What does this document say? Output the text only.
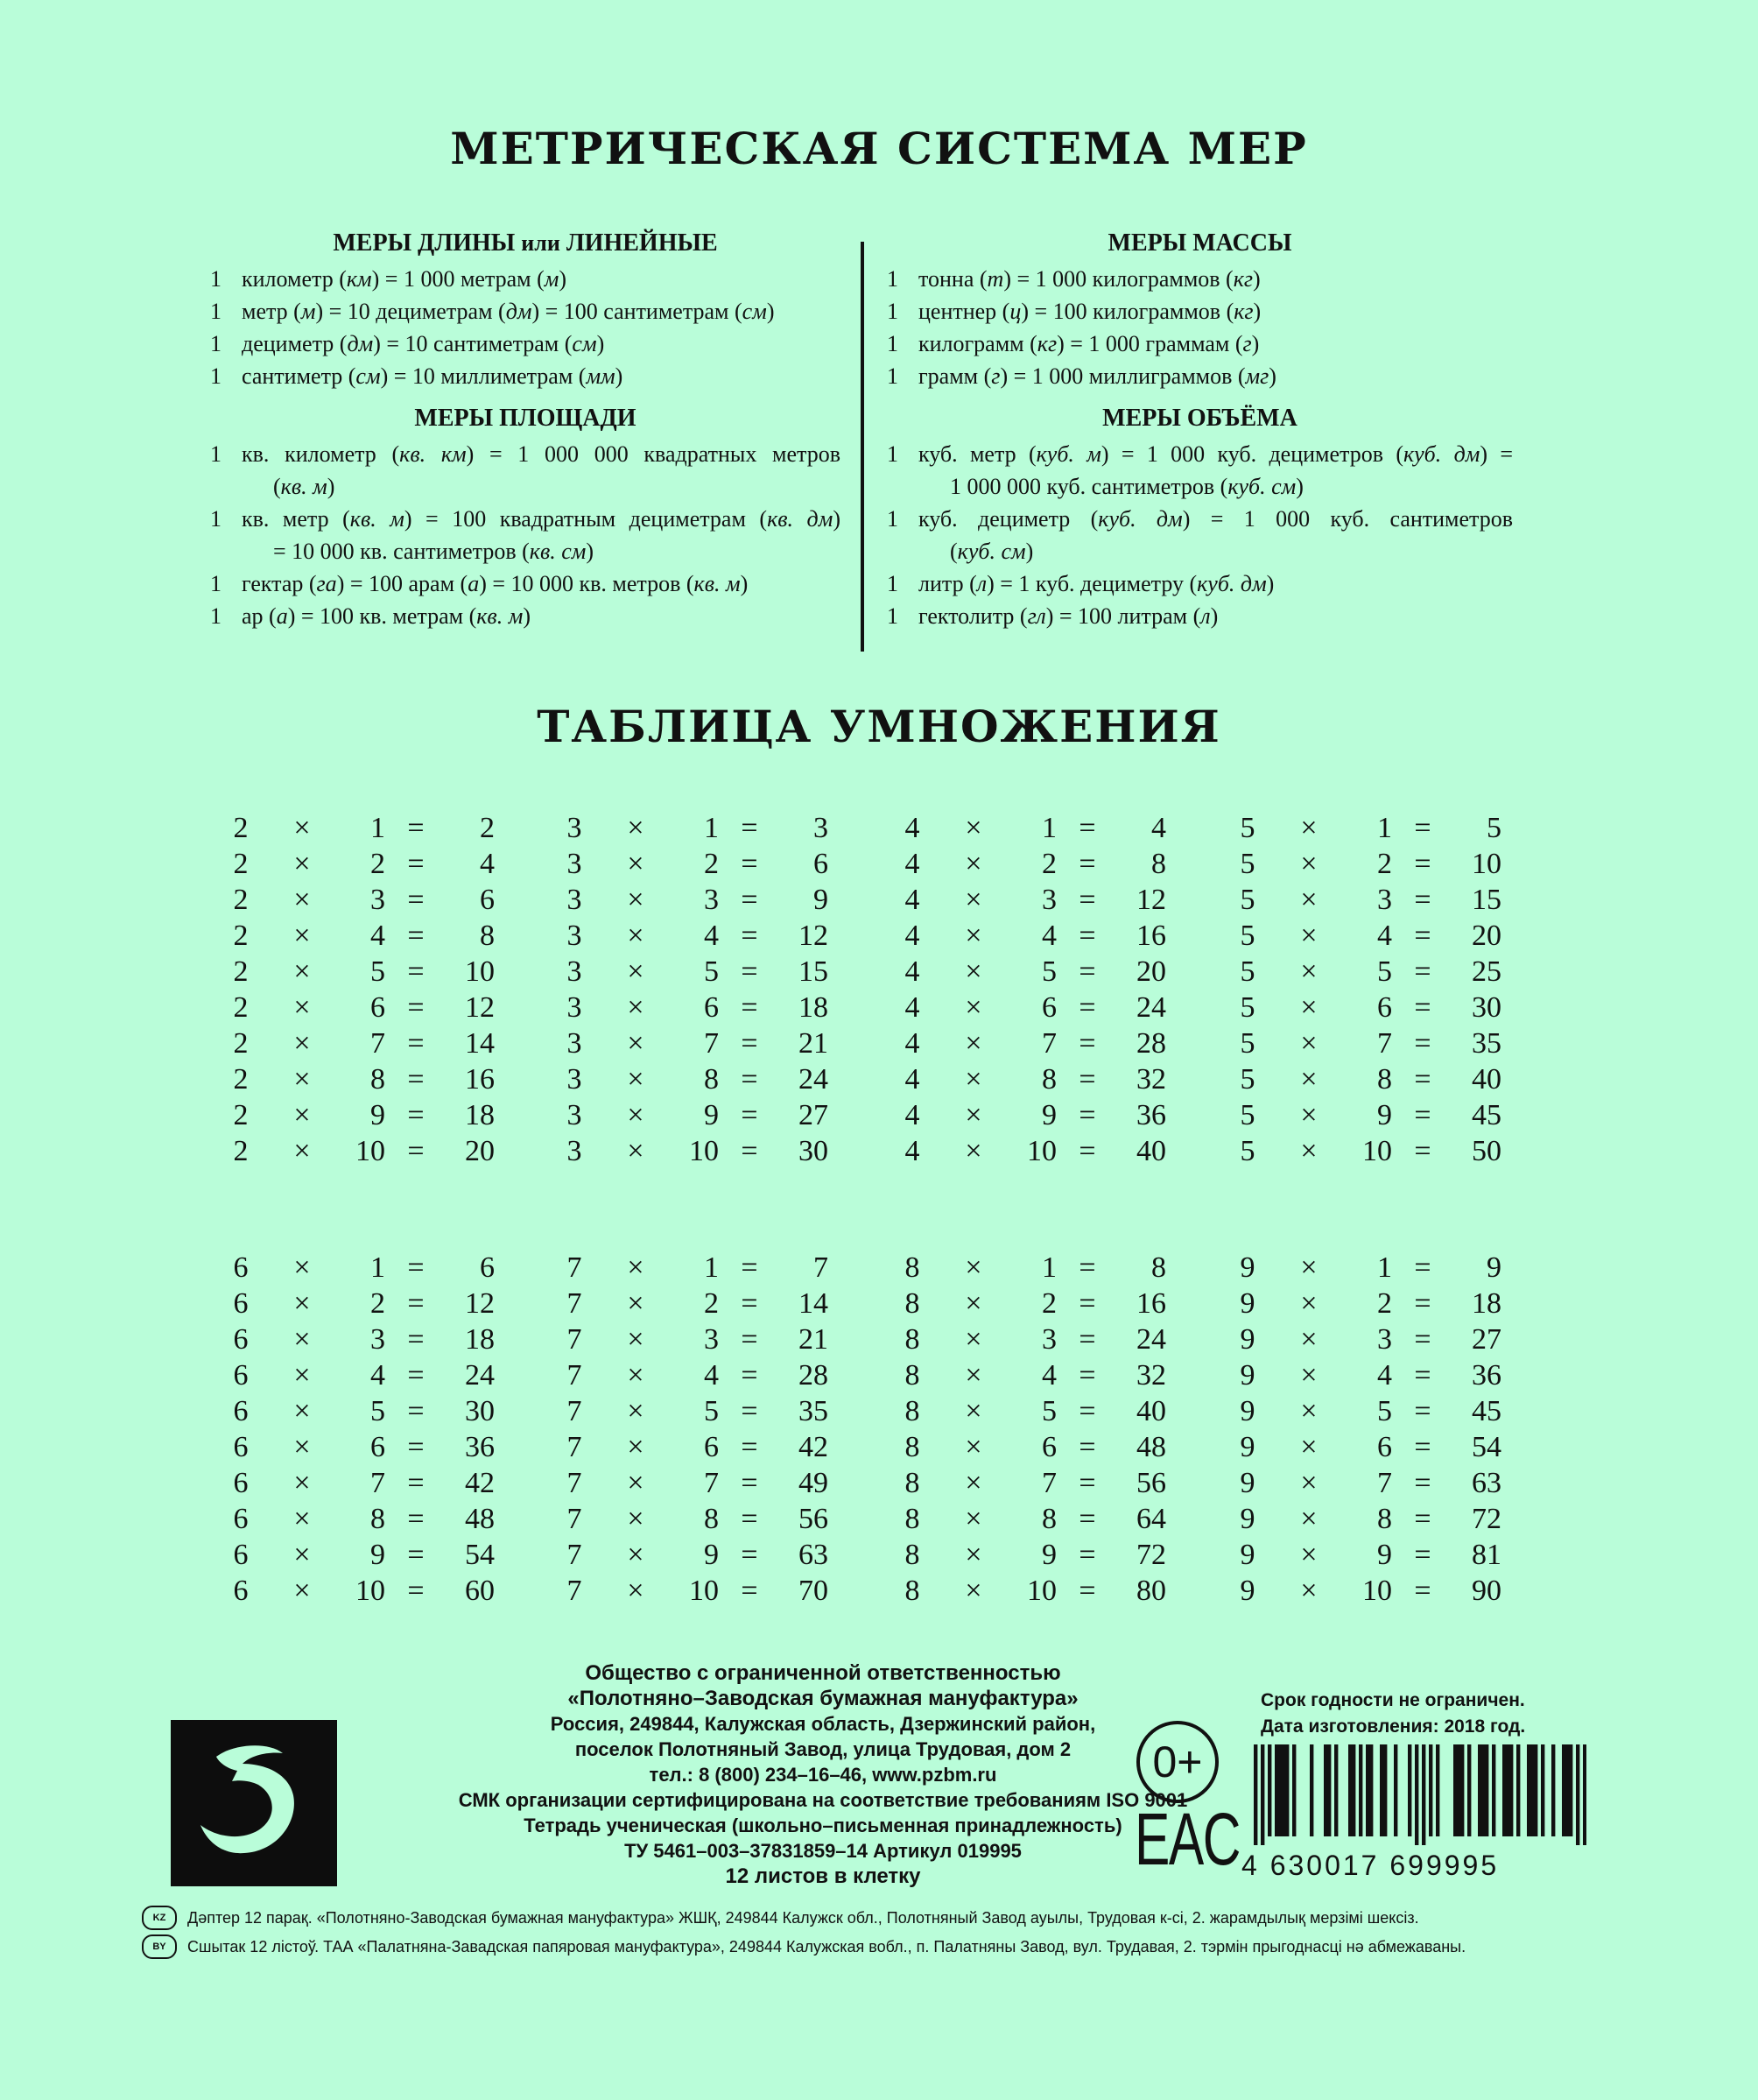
МЕТРИЧЕСКАЯ СИСТЕМА МЕР
МЕРЫ ДЛИНЫ или ЛИНЕЙНЫЕ
1 километр (км) = 1 000 метрам (м)
1 метр (м) = 10 дециметрам (дм) = 100 сантиметрам (см)
1 дециметр (дм) = 10 сантиметрам (см)
1 сантиметр (см) = 10 миллиметрам (мм)
МЕРЫ ПЛОЩАДИ
1 кв. километр (кв. км) = 1 000 000 квадратных метров
(кв. м)
1 кв. метр (кв. м) = 100 квадратным дециметрам (кв. дм)
= 10 000 кв. сантиметров (кв. см)
1 гектар (га) = 100 арам (а) = 10 000 кв. метров (кв. м)
1 ар (а) = 100 кв. метрам (кв. м)
МЕРЫ МАССЫ
1 тонна (т) = 1 000 килограммов (кг)
1 центнер (ц) = 100 килограммов (кг)
1 килограмм (кг) = 1 000 граммам (г)
1 грамм (г) = 1 000 миллиграммов (мг)
МЕРЫ ОБЪЁМА
1 куб. метр (куб. м) = 1 000 куб. дециметров (куб. дм) =
1 000 000 куб. сантиметров (куб. см)
1 куб. дециметр (куб. дм) = 1 000 куб. сантиметров
(куб. см)
1 литр (л) = 1 куб. дециметру (куб. дм)
1 гектолитр (гл) = 100 литрам (л)
ТАБЛИЦА УМНОЖЕНИЯ
2	×	1 =	2
2	×	2 =	4
2	×	3 =	6
2	×	4 =	8
2	×	5 =	10
2	×	6 =	12
2	×	7 =	14
2	×	8 =	16
2	×	9 =	18
2	×	10 =	20
3	×	1 =	3
3	×	2 =	6
3	×	3 =	9
3	×	4 =	12
3	×	5 =	15
3	×	6 =	18
3	×	7 =	21
3	×	8 =	24
3	×	9 =	27
3	×	10 =	30
4	×	1 =	4
4	×	2 =	8
4	×	3 =	12
4	×	4 =	16
4	×	5 =	20
4	×	6 =	24
4	×	7 =	28
4	×	8 =	32
4	×	9 =	36
4	×	10 =	40
5	×	1 =	5
5	×	2 =	10
5	×	3 =	15
5	×	4 =	20
5	×	5 =	25
5	×	6 =	30
5	×	7 =	35
5	×	8 =	40
5	×	9 =	45
5	×	10 =	50
6	×	1 =	6
6	×	2 =	12
6	×	3 =	18
6	×	4 =	24
6	×	5 =	30
6	×	6 =	36
6	×	7 =	42
6	×	8 =	48
6	×	9 =	54
6	×	10 =	60
7	×	1 =	7
7	×	2 =	14
7	×	3 =	21
7	×	4 =	28
7	×	5 =	35
7	×	6 =	42
7	×	7 =	49
7	×	8 =	56
7	×	9 =	63
7	×	10 =	70
8	×	1 =	8
8	×	2 =	16
8	×	3 =	24
8	×	4 =	32
8	×	5 =	40
8	×	6 =	48
8	×	7 =	56
8	×	8 =	64
8	×	9 =	72
8	×	10 =	80
9	×	1 =	9
9	×	2 =	18
9	×	3 =	27
9	×	4 =	36
9	×	5 =	45
9	×	6 =	54
9	×	7 =	63
9	×	8 =	72
9	×	9 =	81
9	×	10 =	90
Общество с ограниченной ответственностью
«Полотняно–Заводская бумажная мануфактура»
Россия, 249844, Калужская область, Дзержинский район,
поселок Полотняный Завод, улица Трудовая, дом 2
тел.: 8 (800) 234–16–46, www.pzbm.ru
СМК организации сертифицирована на соответствие требованиям ISO 9001
Тетрадь ученическая (школьно–письменная принадлежность)
ТУ 5461–003–37831859–14 Артикул 019995
12 листов в клетку
0+
EAC
Срок годности не ограничен.
Дата изготовления: 2018 год.
4 630017 699995
KZ	Дәптер 12 парақ. «Полотняно-Заводская бумажная мануфактура» ЖШҚ, 249844 Калужск обл., Полотняный Завод ауылы, Трудовая к-сі, 2. жарамдылық мерзімі шексіз.
BY	Сшытак 12 лістоў. ТАА «Палатняна-Завадская папяровая мануфактура», 249844 Калужская вобл., п. Палатняны Завод, вул. Трудавая, 2. тэрмін прыгоднасці нә абмежаваны.
